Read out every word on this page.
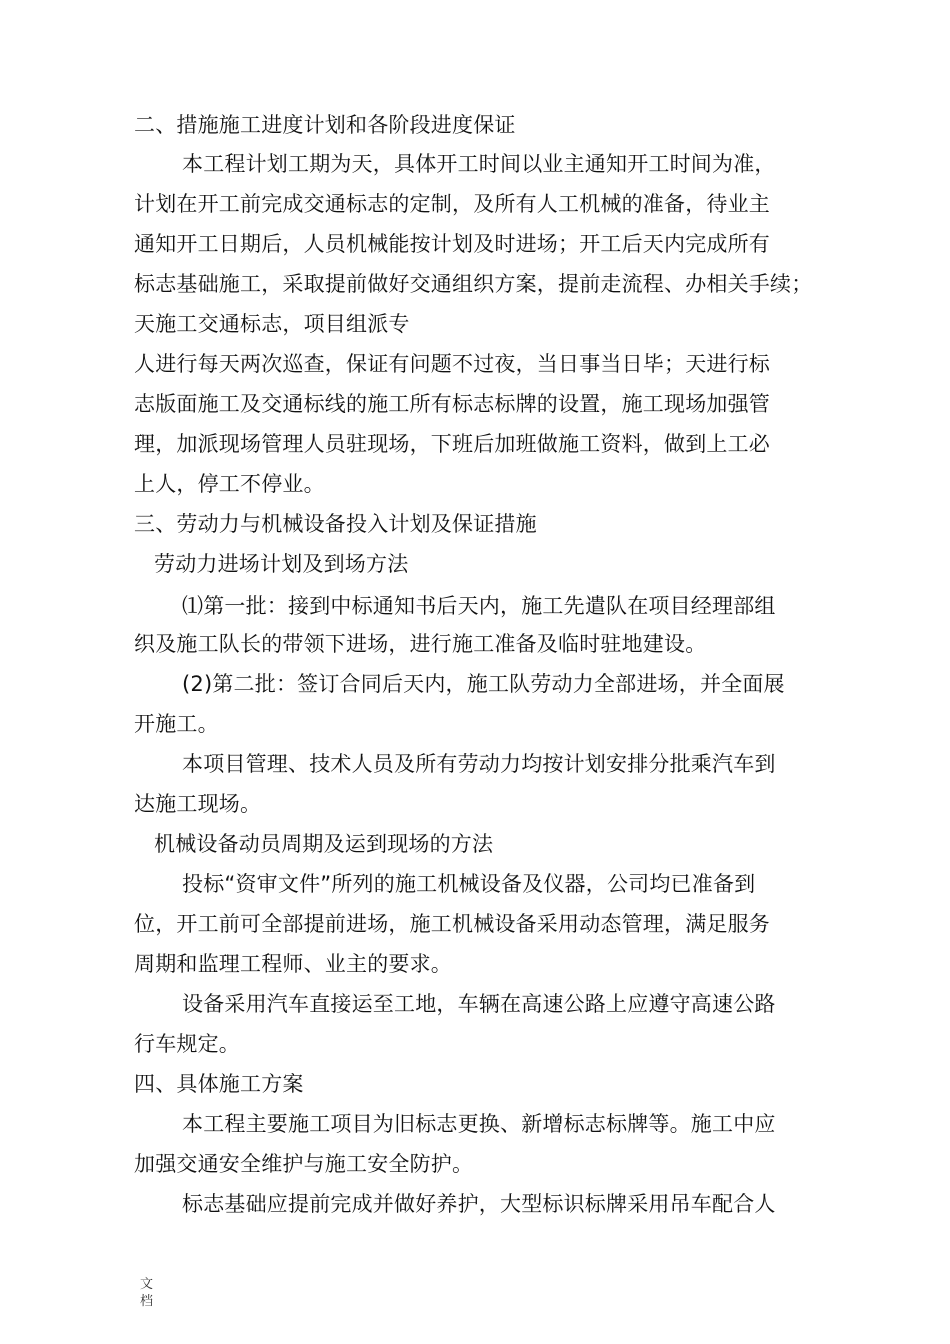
二、措施施工进度计划和各阶段进度保证
本工程计划工期为天，具体开工时间以业主通知开工时间为准，
计划在开工前完成交通标志的定制，及所有人工机械的准备，待业主
通知开工日期后，人员机械能按计划及时进场；开工后天内完成所有
标志基础施工，采取提前做好交通组织方案，提前走流程、办相关手续；
天施工交通标志，项目组派专
人进行每天两次巡查，保证有问题不过夜，当日事当日毕；天进行标
志版面施工及交通标线的施工所有标志标牌的设置，施工现场加强管
理，加派现场管理人员驻现场，下班后加班做施工资料，做到上工必
上人，停工不停业。
三、劳动力与机械设备投入计划及保证措施
劳动力进场计划及到场方法
⑴第一批：接到中标通知书后天内，施工先遣队在项目经理部组
织及施工队长的带领下进场，进行施工准备及临时驻地建设。
(2)第二批：签订合同后天内，施工队劳动力全部进场，并全面展
开施工。
本项目管理、技术人员及所有劳动力均按计划安排分批乘汽车到
达施工现场。
机械设备动员周期及运到现场的方法
投标“资审文件”所列的施工机械设备及仪器，公司均已准备到
位，开工前可全部提前进场，施工机械设备采用动态管理，满足服务
周期和监理工程师、业主的要求。
设备采用汽车直接运至工地，车辆在高速公路上应遵守高速公路
行车规定。
四、具体施工方案
本工程主要施工项目为旧标志更换、新增标志标牌等。施工中应
加强交通安全维护与施工安全防护。
标志基础应提前完成并做好养护，大型标识标牌采用吊车配合人
文档
